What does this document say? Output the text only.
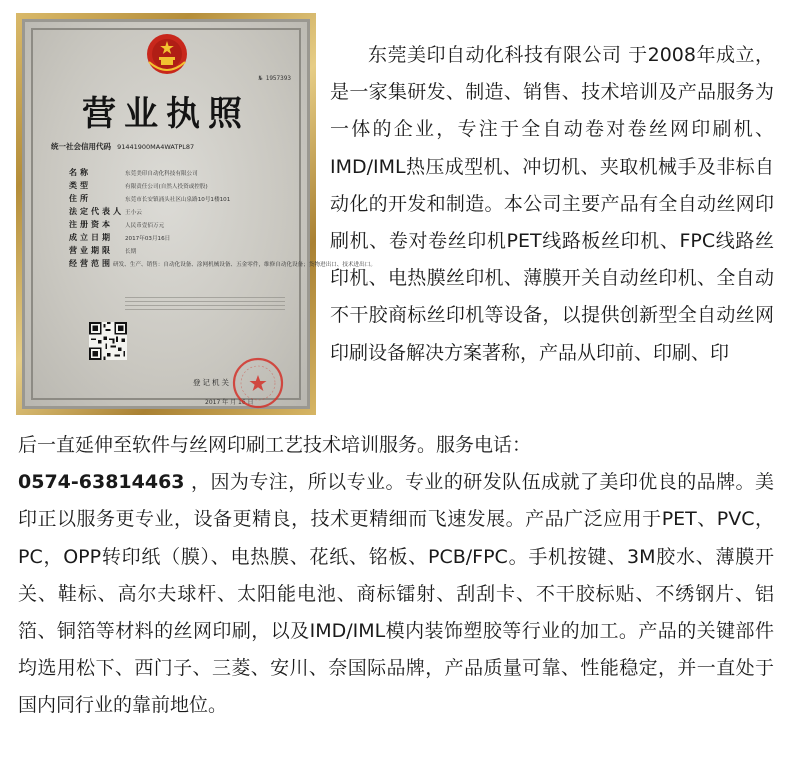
№ 1957393
营业执照
统一社会信用代码 91441900MA4WATPL87
名称	东莞美印自动化科技有限公司
类型	有限责任公司(自然人投资或控股)
住所	东莞市长安镇涌头社区山泉路10号1楼101
法定代表人 王小云
注册资本	人民币壹佰万元
成立日期	2017年03月16日
营业期限	长期
经营范围 研发、生产、销售：自动化设备、涂网机械设备、五金零件，维修自动化设备；货物进出口、技术进出口。
登记机关
2017 年 月 16 日

东莞美印自动化科技有限公司 于2008年成立，是一家集研发、制造、销售、技术培训及产品服务为一体的企业，专注于全自动卷对卷丝网印刷机、IMD/IML热压成型机、冲切机、夹取机械手及非标自动化的开发和制造。本公司主要产品有全自动丝网印刷机、卷对卷丝印机PET线路板丝印机、FPC线路丝印机、电热膜丝印机、薄膜开关自动丝印机、全自动不干胶商标丝印机等设备，以提供创新型全自动丝网印刷设备解决方案著称，产品从印前、印刷、印

后一直延伸至软件与丝网印刷工艺技术培训服务。服务电话：
0574-63814463 ，因为专注，所以专业。专业的研发队伍成就了美印优良的品牌。美印正以服务更专业，设备更精良，技术更精细而飞速发展。产品广泛应用于PET、PVC，PC，OPP转印纸（膜）、电热膜、花纸、铭板、PCB/FPC。手机按键、3M胶水、薄膜开关、鞋标、高尔夫球杆、太阳能电池、商标镭射、刮刮卡、不干胶标贴、不绣钢片、铝箔、铜箔等材料的丝网印刷，以及IMD/IML模内装饰塑胶等行业的加工。产品的关键部件均选用松下、西门子、三菱、安川、奈国际品牌，产品质量可靠、性能稳定，并一直处于国内同行业的靠前地位。
